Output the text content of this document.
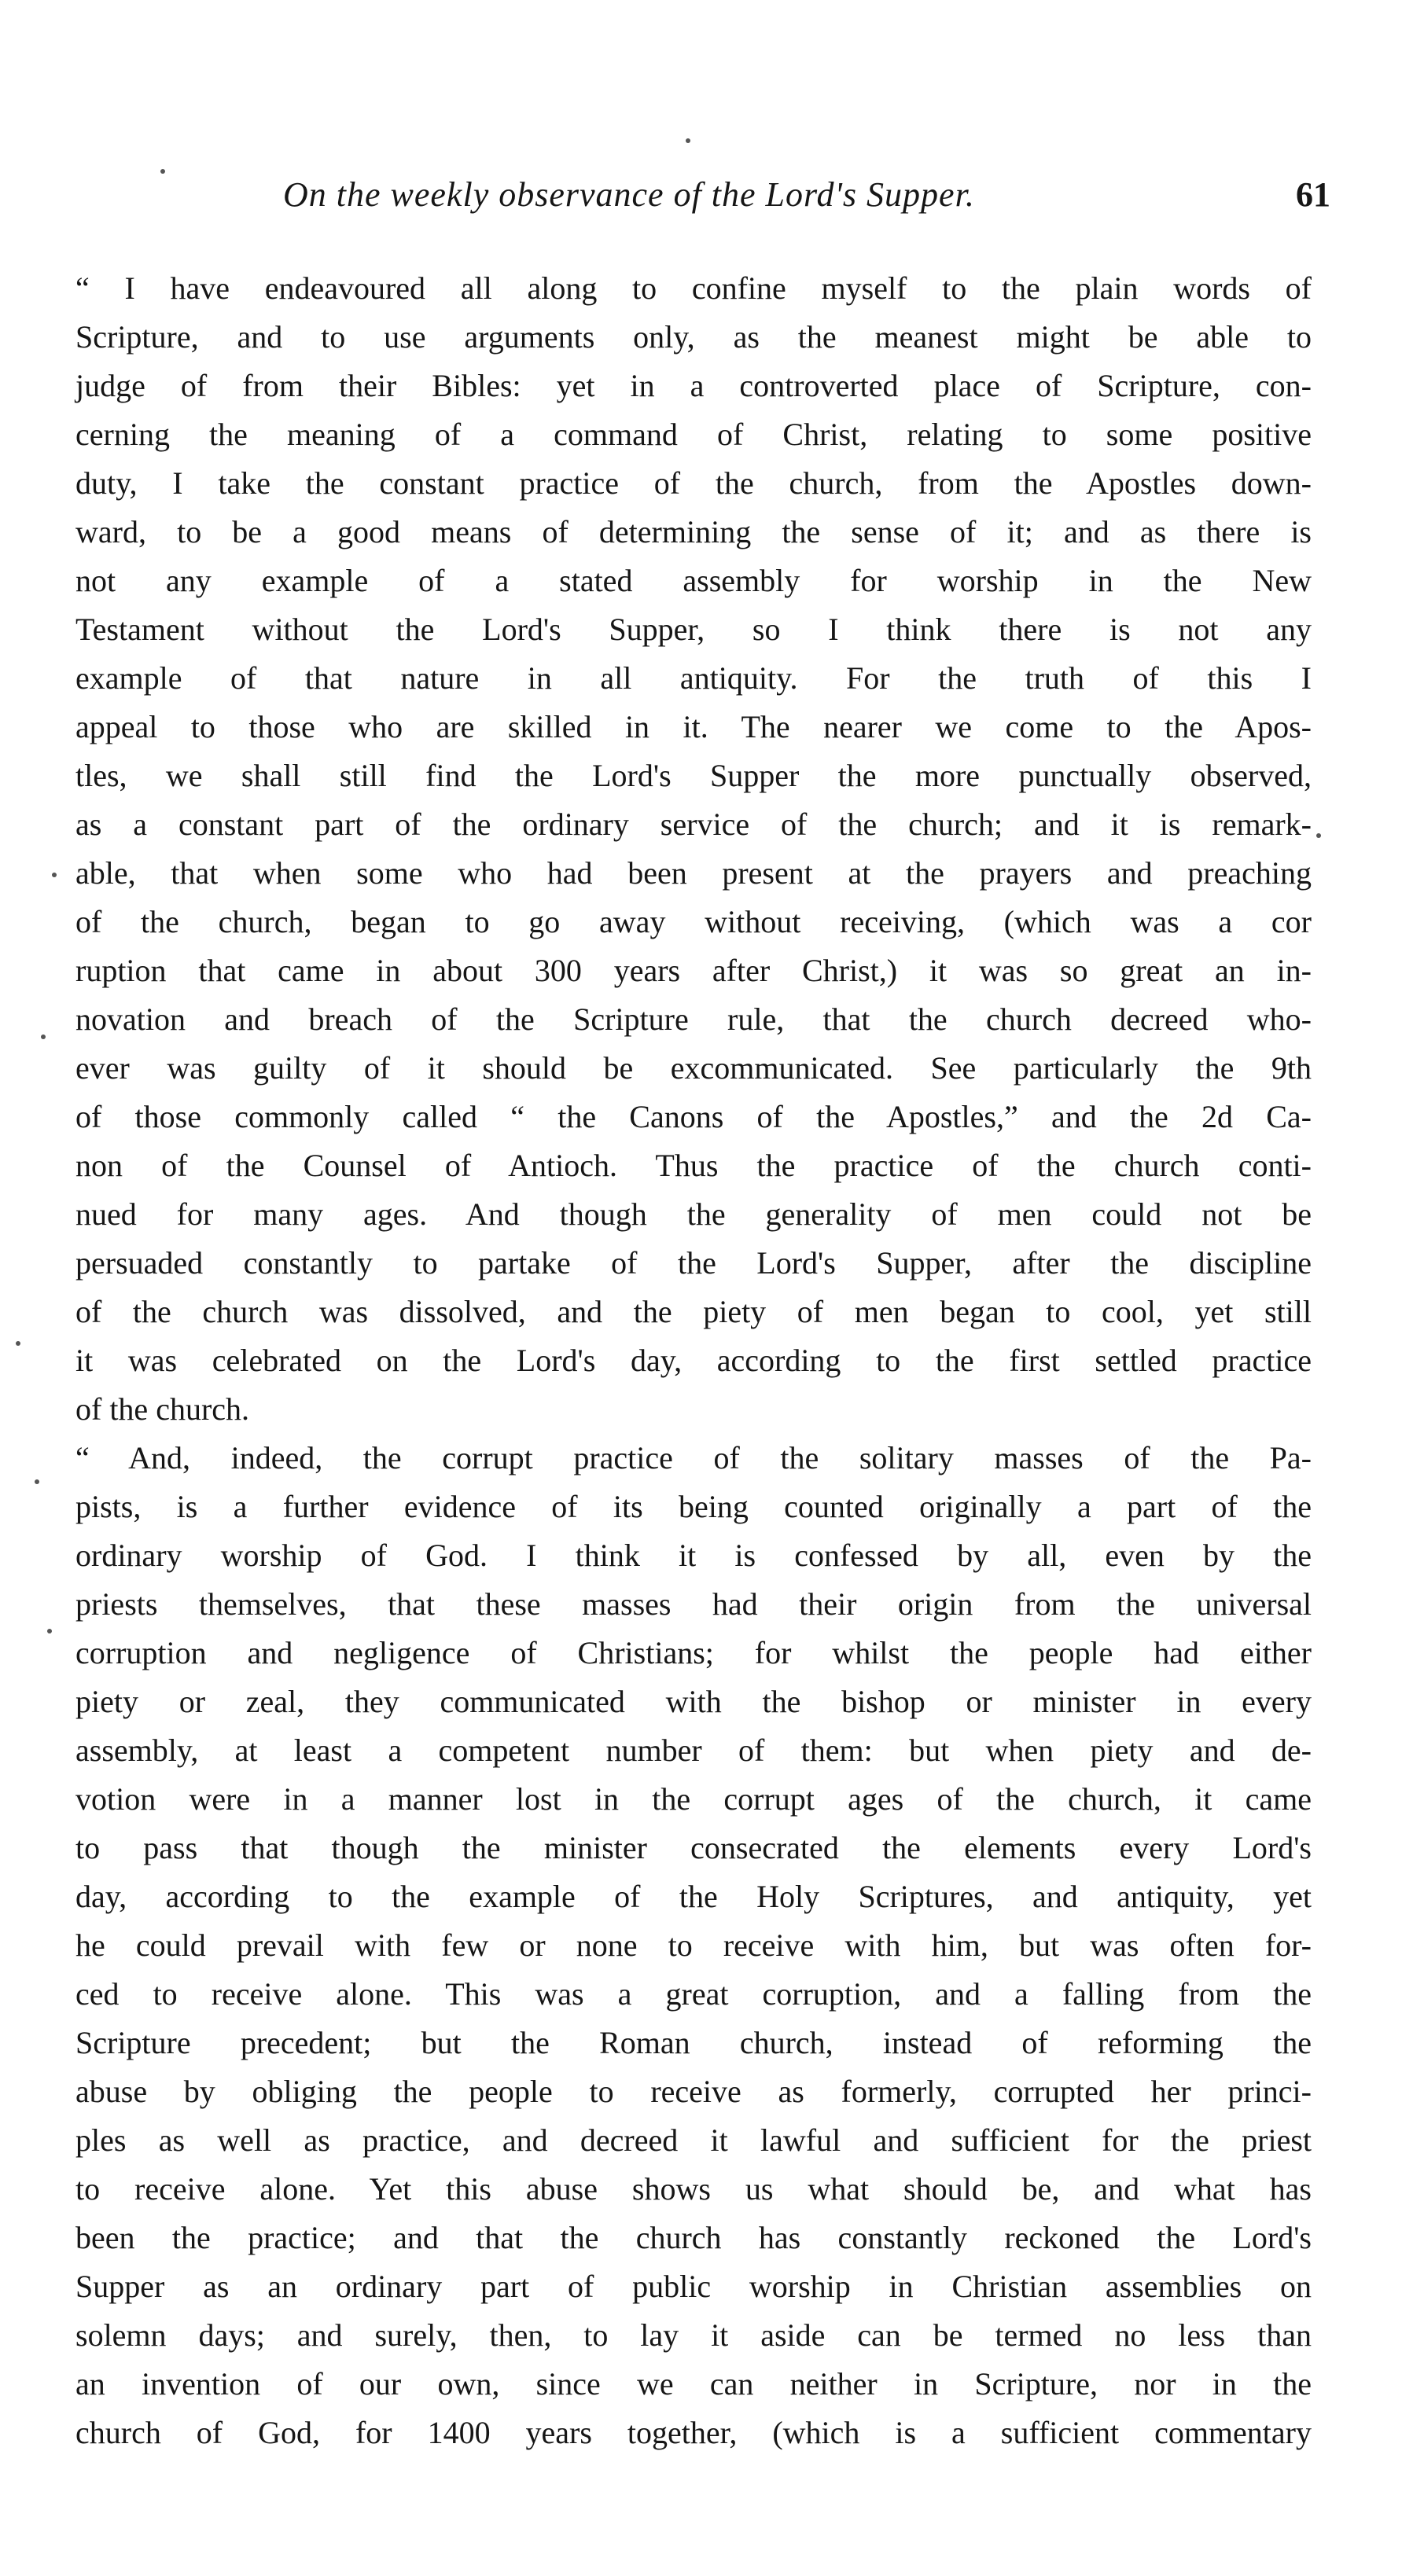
On the weekly observance of the Lord's Supper.	61
“ I have endeavoured all along to confine myself to the plain words of
Scripture, and to use arguments only, as the meanest might be able to
judge of from their Bibles: yet in a controverted place of Scripture, con-
cerning the meaning of a command of Christ, relating to some positive
duty, I take the constant practice of the church, from the Apostles down-
ward, to be a good means of determining the sense of it; and as there is
not any example of a stated assembly for worship in the New
Testament without the Lord's Supper, so I think there is not any
example of that nature in all antiquity. For the truth of this I
appeal to those who are skilled in it. The nearer we come to the Apos-
tles, we shall still find the Lord's Supper the more punctually observed,
as a constant part of the ordinary service of the church; and it is remark-
able, that when some who had been present at the prayers and preaching
of the church, began to go away without receiving, (which was a cor
ruption that came in about 300 years after Christ,) it was so great an in-
novation and breach of the Scripture rule, that the church decreed who-
ever was guilty of it should be excommunicated. See particularly the 9th
of those commonly called “ the Canons of the Apostles,” and the 2d Ca-
non of the Counsel of Antioch. Thus the practice of the church conti-
nued for many ages. And though the generality of men could not be
persuaded constantly to partake of the Lord's Supper, after the discipline
of the church was dissolved, and the piety of men began to cool, yet still
it was celebrated on the Lord's day, according to the first settled practice
of the church.
“ And, indeed, the corrupt practice of the solitary masses of the Pa-
pists, is a further evidence of its being counted originally a part of the
ordinary worship of God. I think it is confessed by all, even by the
priests themselves, that these masses had their origin from the universal
corruption and negligence of Christians; for whilst the people had either
piety or zeal, they communicated with the bishop or minister in every
assembly, at least a competent number of them: but when piety and de-
votion were in a manner lost in the corrupt ages of the church, it came
to pass that though the minister consecrated the elements every Lord's
day, according to the example of the Holy Scriptures, and antiquity, yet
he could prevail with few or none to receive with him, but was often for-
ced to receive alone. This was a great corruption, and a falling from the
Scripture precedent; but the Roman church, instead of reforming the
abuse by obliging the people to receive as formerly, corrupted her princi-
ples as well as practice, and decreed it lawful and sufficient for the priest
to receive alone. Yet this abuse shows us what should be, and what has
been the practice; and that the church has constantly reckoned the Lord's
Supper as an ordinary part of public worship in Christian assemblies on
solemn days; and surely, then, to lay it aside can be termed no less than
an invention of our own, since we can neither in Scripture, nor in the
church of God, for 1400 years together, (which is a sufficient commentary
